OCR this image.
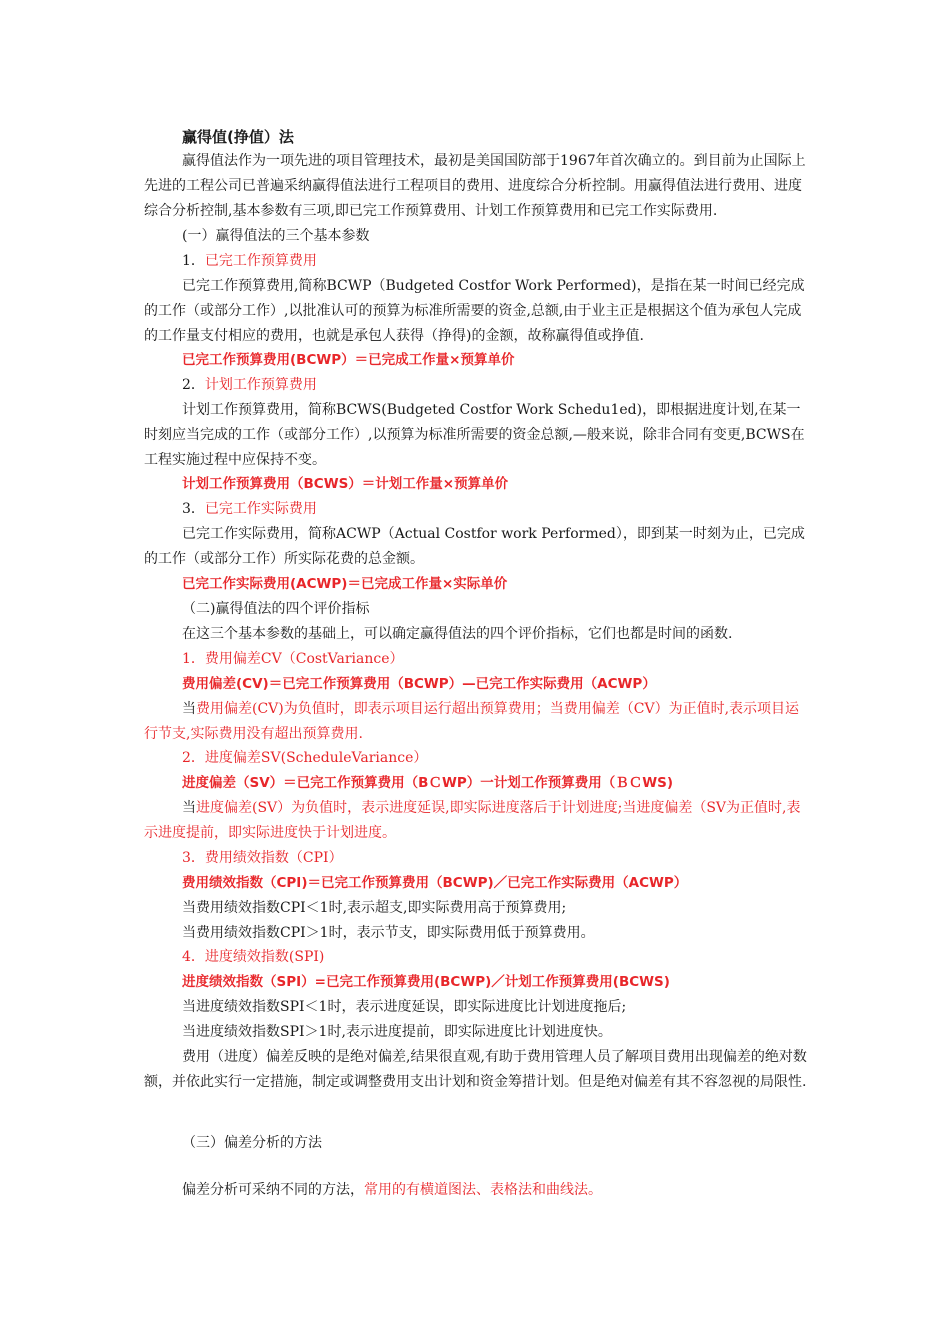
赢得值(挣值）法
赢得值法作为一项先进的项目管理技术，最初是美国国防部于1967年首次确立的。到目前为止国际上先进的工程公司已普遍采纳赢得值法进行工程项目的费用、进度综合分析控制。用赢得值法进行费用、进度综合分析控制,基本参数有三项,即已完工作预算费用、计划工作预算费用和已完工作实际费用.
(一）赢得值法的三个基本参数
1．已完工作预算费用
已完工作预算费用,简称BCWP（Budgeted Costfor Work Performed)，是指在某一时间已经完成的工作（或部分工作）,以批准认可的预算为标准所需要的资金,总额,由于业主正是根据这个值为承包人完成的工作量支付相应的费用，也就是承包人获得（挣得)的金额，故称赢得值或挣值.
已完工作预算费用(BCWP）＝已完成工作量×预算单价
2．计划工作预算费用
计划工作预算费用，简称BCWS(Budgeted Costfor Work Schedu1ed)，即根据进度计划,在某一时刻应当完成的工作（或部分工作）,以预算为标准所需要的资金总额,—般来说，除非合同有变更,BCWS在工程实施过程中应保持不变。
计划工作预算费用（BCWS）＝计划工作量×预算单价
3．已完工作实际费用
已完工作实际费用，简称ACWP（Actual Costfor work Performed），即到某一时刻为止，已完成的工作（或部分工作）所实际花费的总金额。
已完工作实际费用(ACWP)＝已完成工作量×实际单价
（二)赢得值法的四个评价指标
在这三个基本参数的基础上，可以确定赢得值法的四个评价指标，它们也都是时间的函数.
1．费用偏差CV（CostVariance）
费用偏差(CV)＝已完工作预算费用（BCWP）—已完工作实际费用（ACWP）
当费用偏差(CV)为负值时，即表示项目运行超出预算费用；当费用偏差（CV）为正值时,表示项目运行节支,实际费用没有超出预算费用.
2．进度偏差SV(ScheduleVariance）
进度偏差（SV）＝已完工作预算费用（BＣWP）一计划工作预算费用（ＢＣWS)
当进度偏差(SV）为负值时，表示进度延误,即实际进度落后于计划进度;当进度偏差（SV为正值时,表示进度提前，即实际进度快于计划进度。
3．费用绩效指数（CPI）
费用绩效指数（CPI)＝已完工作预算费用（BCWP)／已完工作实际费用（ACWP）
当费用绩效指数CPI＜1时,表示超支,即实际费用高于预算费用;
当费用绩效指数CPI＞1时，表示节支，即实际费用低于预算费用。
4．进度绩效指数(SPI)
进度绩效指数（SPI）=已完工作预算费用(BCWP)／计划工作预算费用(BCWS)
当进度绩效指数SPI＜1时，表示进度延误，即实际进度比计划进度拖后;
当进度绩效指数SPI＞1时,表示进度提前，即实际进度比计划进度快。
费用（进度）偏差反映的是绝对偏差,结果很直观,有助于费用管理人员了解项目费用出现偏差的绝对数额，并依此实行一定措施，制定或调整费用支出计划和资金筹措计划。但是绝对偏差有其不容忽视的局限性.
（三）偏差分析的方法
偏差分析可采纳不同的方法，常用的有横道图法、表格法和曲线法。
